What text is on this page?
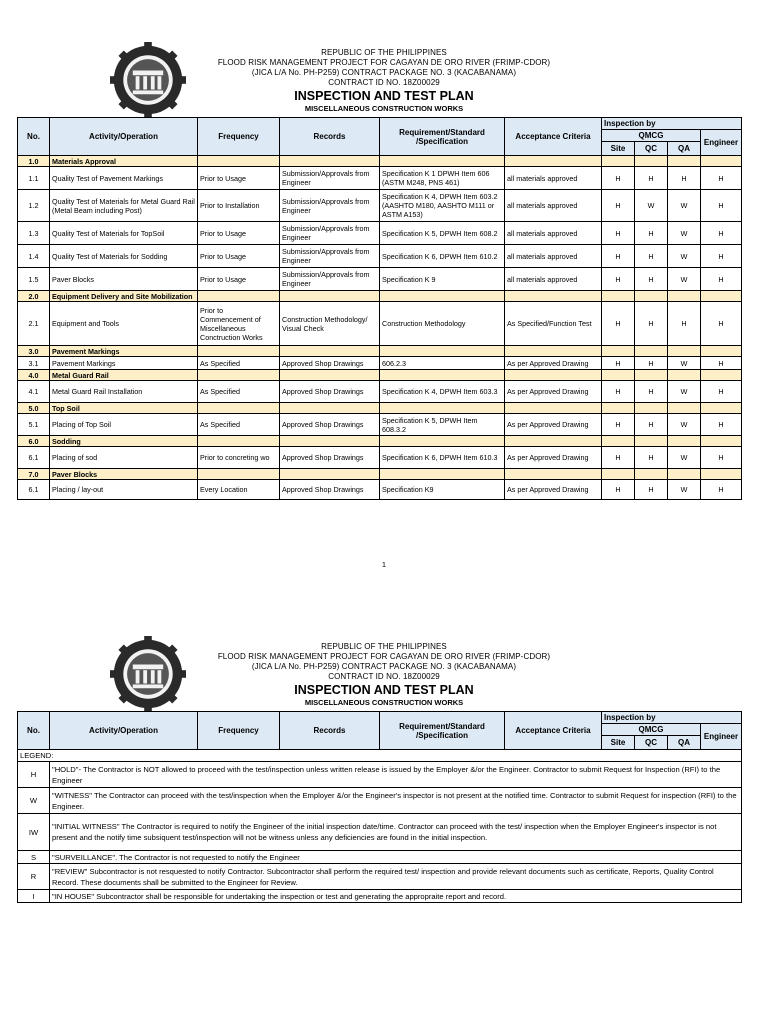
REPUBLIC OF THE PHILIPPINES
FLOOD RISK MANAGEMENT PROJECT FOR CAGAYAN DE ORO RIVER (FRIMP-CDOR)
(JICA L/A No. PH-P259) CONTRACT PACKAGE NO. 3 (KACABANAMA)
CONTRACT ID NO. 18Z00029
INSPECTION AND TEST PLAN
MISCELLANEOUS CONSTRUCTION WORKS
No.	Activity/Operation	Frequency	Records	Requirement/Standard /Specification	Acceptance Criteria	Inspection by			
						QMCG			Engineer
						Site	QC	QA	
1.0	Materials Approval								
1.1	Quality Test of Pavement Markings	Prior to Usage	Submission/Approvals from Engineer	Specification K 1 DPWH Item 606 (ASTM M248, PNS 461)	all materials approved	H	H	H	H
1.2	Quality Test of Materials for Metal Guard Rail (Metal Beam including Post)	Prior to Installation	Submission/Approvals from Engineer	Specification K 4, DPWH Item 603.2 (AASHTO M180, AASHTO M111 or ASTM A153)	all materials approved	H	W	W	H
1.3	Quality Test of Materials for TopSoil	Prior to Usage	Submission/Approvals from Engineer	Specification K 5, DPWH Item 608.2	all materials approved	H	H	W	H
1.4	Quality Test of Materials for Sodding	Prior to Usage	Submission/Approvals from Engineer	Specification K 6, DPWH Item 610.2	all materials approved	H	H	W	H
1.5	Paver Blocks	Prior to Usage	Submission/Approvals from Engineer	Specification K 9	all materials approved	H	H	W	H
2.0	Equipment Delivery and Site Mobilization								
2.1	Equipment and Tools	Prior to Commencement of Miscellaneous Conctruction Works	Construction Methodology/ Visual Check	Construction Methodology	As Specified/Function Test	H	H	H	H
3.0	Pavement Markings								
3.1	Pavement Markings	As Specified	Approved Shop Drawings	606.2.3	As per Approved Drawing	H	H	W	H
4.0	Metal Guard Rail								
4.1	Metal Guard Rail Installation	As Specified	Approved Shop Drawings	Specification K 4, DPWH Item 603.3	As per Approved Drawing	H	H	W	H
5.0	Top Soil								
5.1	Placing of Top Soil	As Specified	Approved Shop Drawings	Specification K 5, DPWH Item 608.3.2	As per Approved Drawing	H	H	W	H
6.0	Sodding								
6.1	Placing of sod	Prior to concreting wo	Approved Shop Drawings	Specification K 6, DPWH Item 610.3	As per Approved Drawing	H	H	W	H
7.0	Paver Blocks								
6.1	Placing / lay-out	Every Location	Approved Shop Drawings	Specification K9	As per Approved Drawing	H	H	W	H
1
REPUBLIC OF THE PHILIPPINES
FLOOD RISK MANAGEMENT PROJECT FOR CAGAYAN DE ORO RIVER (FRIMP-CDOR)
(JICA L/A No. PH-P259) CONTRACT PACKAGE NO. 3 (KACABANAMA)
CONTRACT ID NO. 18Z00029
INSPECTION AND TEST PLAN
MISCELLANEOUS CONSTRUCTION WORKS
No.	Activity/Operation	Frequency	Records	Requirement/Standard /Specification	Acceptance Criteria	Inspection by			
						QMCG			Engineer
						Site	QC	QA	
LEGEND:									
H	"HOLD"- The Contractor is NOT allowed to proceed with the test/inspection unless written release is issued by the Employer &/or the Engineer. Contractor to submit Request for Inspection (RFI) to the Engineer								
W	"WITNESS" The Contractor can proceed with the test/inspection when the Employer &/or the Engineer's inspector is not present at the notified time. Contractor to submit Request for inspection (RFI) to the Engineer.								
IW	"INITIAL WITNESS" The Contractor is required to notify the Engineer of the initial inspection date/time. Contractor can proceed with the test/ inspection when the Employer Engineer's inspector is not present and the notify time subsiquent test/inspection will not be witness unless any deficiencies are found in the initial inspection.								
S	"SURVEILLANCE". The Contractor is not requested to notify the Engineer								
R	"REVIEW" Subcontractor is not resquested to notify Contractor. Subcontractor shall perform the required test/ inspection and provide relevant documents such as certificate, Reports, Quality Control Record. These documents shall be submitted to the Engineer for Review.								
I	"IN HOUSE" Subcontractor shall be responsible for undertaking the inspection or test and generating the appropraite report and record.								
